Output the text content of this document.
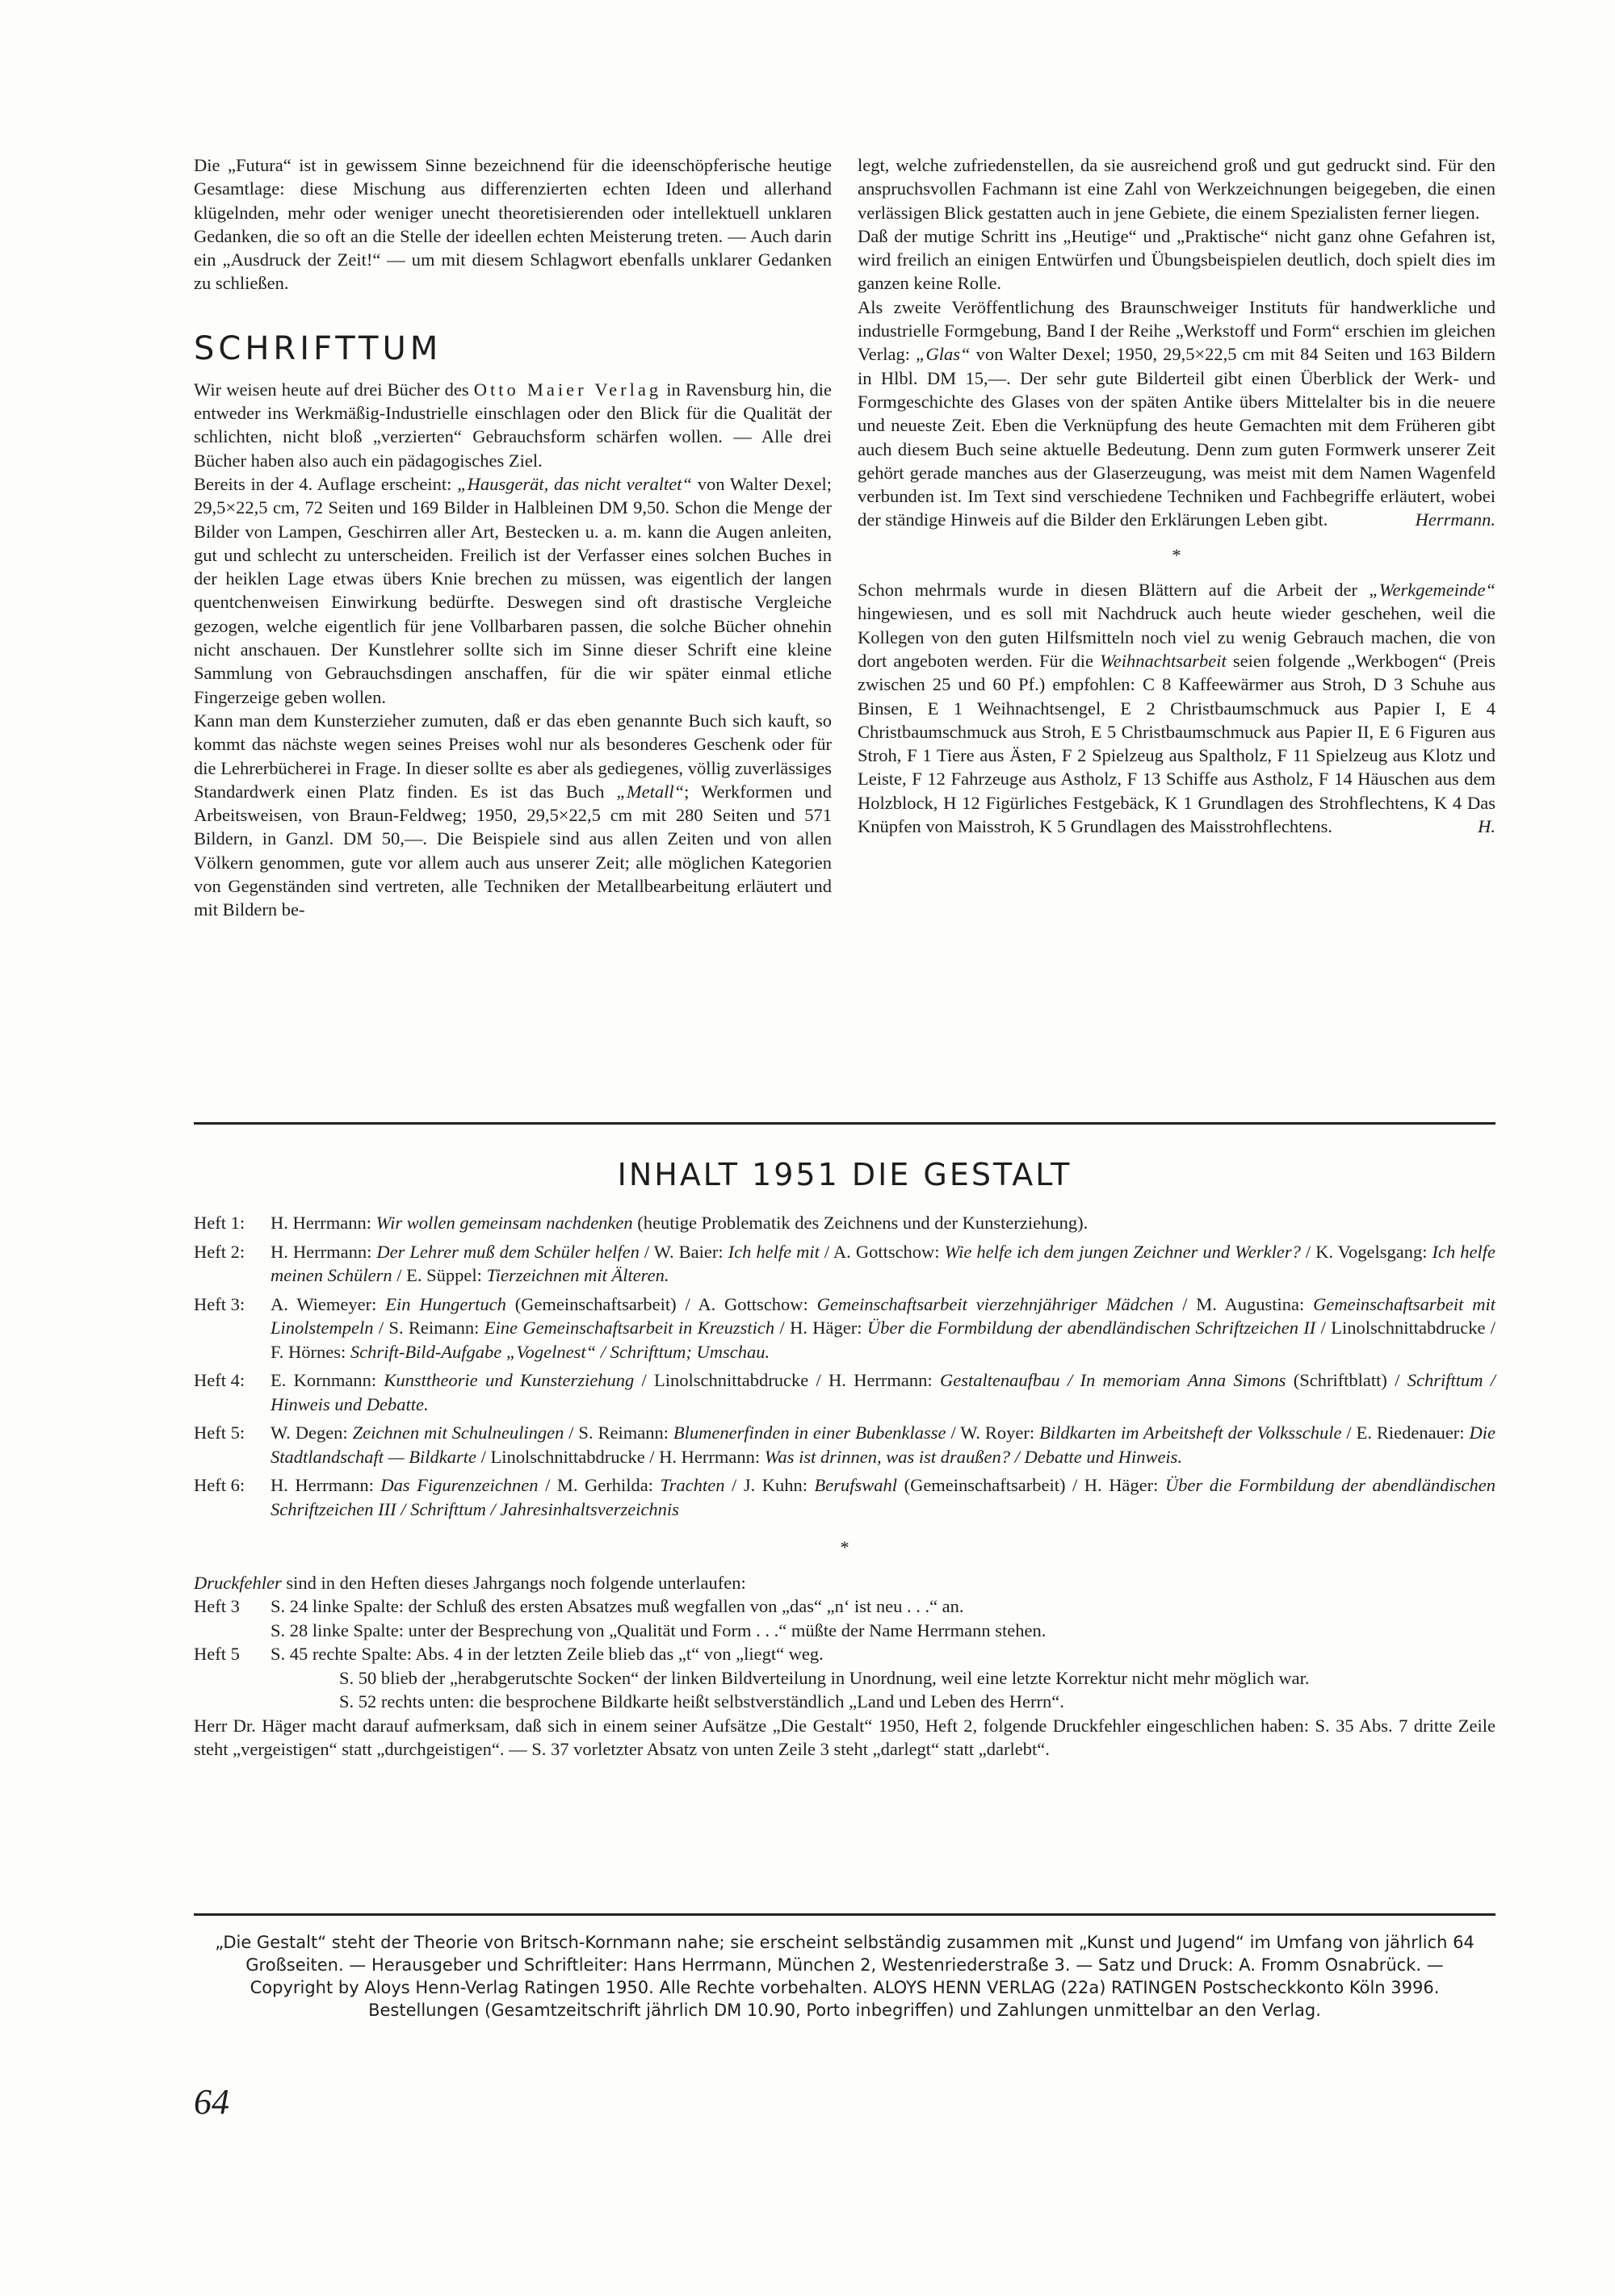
Die „Futura“ ist in gewissem Sinne bezeichnend für die ideenschöpferische heutige Gesamtlage: diese Mischung aus differenzierten echten Ideen und allerhand klügelnden, mehr oder weniger unecht theoretisierenden oder intellektuell unklaren Gedanken, die so oft an die Stelle der ideellen echten Meisterung treten. — Auch darin ein „Ausdruck der Zeit!“ — um mit diesem Schlagwort ebenfalls unklarer Gedanken zu schließen.

SCHRIFTTUM

Wir weisen heute auf drei Bücher des Otto Maier Verlag in Ravensburg hin, die entweder ins Werkmäßig-Industrielle einschlagen oder den Blick für die Qualität der schlichten, nicht bloß „verzierten“ Gebrauchsform schärfen wollen. — Alle drei Bücher haben also auch ein pädagogisches Ziel.

Bereits in der 4. Auflage erscheint: „Hausgerät, das nicht veraltet“ von Walter Dexel; 29,5×22,5 cm, 72 Seiten und 169 Bilder in Halbleinen DM 9,50. Schon die Menge der Bilder von Lampen, Geschirren aller Art, Bestecken u. a. m. kann die Augen anleiten, gut und schlecht zu unterscheiden. Freilich ist der Verfasser eines solchen Buches in der heiklen Lage etwas übers Knie brechen zu müssen, was eigentlich der langen quentchenweisen Einwirkung bedürfte. Deswegen sind oft drastische Vergleiche gezogen, welche eigentlich für jene Vollbarbaren passen, die solche Bücher ohnehin nicht anschauen. Der Kunstlehrer sollte sich im Sinne dieser Schrift eine kleine Sammlung von Gebrauchsdingen anschaffen, für die wir später einmal etliche Fingerzeige geben wollen.

Kann man dem Kunsterzieher zumuten, daß er das eben genannte Buch sich kauft, so kommt das nächste wegen seines Preises wohl nur als besonderes Geschenk oder für die Lehrerbücherei in Frage. In dieser sollte es aber als gediegenes, völlig zuverlässiges Standardwerk einen Platz finden. Es ist das Buch „Metall“; Werkformen und Arbeitsweisen, von Braun-Feldweg; 1950, 29,5×22,5 cm mit 280 Seiten und 571 Bildern, in Ganzl. DM 50,—. Die Beispiele sind aus allen Zeiten und von allen Völkern genommen, gute vor allem auch aus unserer Zeit; alle möglichen Kategorien von Gegenständen sind vertreten, alle Techniken der Metallbearbeitung erläutert und mit Bildern be-

legt, welche zufriedenstellen, da sie ausreichend groß und gut gedruckt sind. Für den anspruchsvollen Fachmann ist eine Zahl von Werkzeichnungen beigegeben, die einen verlässigen Blick gestatten auch in jene Gebiete, die einem Spezialisten ferner liegen.

Daß der mutige Schritt ins „Heutige“ und „Praktische“ nicht ganz ohne Gefahren ist, wird freilich an einigen Entwürfen und Übungsbeispielen deutlich, doch spielt dies im ganzen keine Rolle.

Als zweite Veröffentlichung des Braunschweiger Instituts für handwerkliche und industrielle Formgebung, Band I der Reihe „Werkstoff und Form“ erschien im gleichen Verlag: „Glas“ von Walter Dexel; 1950, 29,5×22,5 cm mit 84 Seiten und 163 Bildern in Hlbl. DM 15,—. Der sehr gute Bilderteil gibt einen Überblick der Werk- und Formgeschichte des Glases von der späten Antike übers Mittelalter bis in die neuere und neueste Zeit. Eben die Verknüpfung des heute Gemachten mit dem Früheren gibt auch diesem Buch seine aktuelle Bedeutung. Denn zum guten Formwerk unserer Zeit gehört gerade manches aus der Glaserzeugung, was meist mit dem Namen Wagenfeld verbunden ist. Im Text sind verschiedene Techniken und Fachbegriffe erläutert, wobei der ständige Hinweis auf die Bilder den Erklärungen Leben gibt.	Herrmann.

*

Schon mehrmals wurde in diesen Blättern auf die Arbeit der „Werkgemeinde“ hingewiesen, und es soll mit Nachdruck auch heute wieder geschehen, weil die Kollegen von den guten Hilfsmitteln noch viel zu wenig Gebrauch machen, die von dort angeboten werden. Für die Weihnachtsarbeit seien folgende „Werkbogen“ (Preis zwischen 25 und 60 Pf.) empfohlen: C 8 Kaffeewärmer aus Stroh, D 3 Schuhe aus Binsen, E 1 Weihnachtsengel, E 2 Christbaumschmuck aus Papier I, E 4 Christbaumschmuck aus Stroh, E 5 Christbaumschmuck aus Papier II, E 6 Figuren aus Stroh, F 1 Tiere aus Ästen, F 2 Spielzeug aus Spaltholz, F 11 Spielzeug aus Klotz und Leiste, F 12 Fahrzeuge aus Astholz, F 13 Schiffe aus Astholz, F 14 Häuschen aus dem Holzblock, H 12 Figürliches Festgebäck, K 1 Grundlagen des Strohflechtens, K 4 Das Knüpfen von Maisstroh, K 5 Grundlagen des Maisstrohflechtens.	H.

INHALT 1951 DIE GESTALT
Heft 1:	H. Herrmann: Wir wollen gemeinsam nachdenken (heutige Problematik des Zeichnens und der Kunsterziehung).
Heft 2:	H. Herrmann: Der Lehrer muß dem Schüler helfen / W. Baier: Ich helfe mit / A. Gottschow: Wie helfe ich dem jungen Zeichner und Werkler? / K. Vogelsgang: Ich helfe meinen Schülern / E. Süppel: Tierzeichnen mit Älteren.
Heft 3:	A. Wiemeyer: Ein Hungertuch (Gemeinschaftsarbeit) / A. Gottschow: Gemeinschaftsarbeit vierzehnjähriger Mädchen / M. Augustina: Gemeinschaftsarbeit mit Linolstempeln / S. Reimann: Eine Gemeinschaftsarbeit in Kreuzstich / H. Häger: Über die Formbildung der abendländischen Schriftzeichen II / Linolschnittabdrucke / F. Hörnes: Schrift-Bild-Aufgabe „Vogelnest“ / Schrifttum; Umschau.
Heft 4:	E. Kornmann: Kunsttheorie und Kunsterziehung / Linolschnittabdrucke / H. Herrmann: Gestaltenaufbau / In memoriam Anna Simons (Schriftblatt) / Schrifttum / Hinweis und Debatte.
Heft 5:	W. Degen: Zeichnen mit Schulneulingen / S. Reimann: Blumenerfinden in einer Bubenklasse / W. Royer: Bildkarten im Arbeitsheft der Volksschule / E. Riedenauer: Die Stadtlandschaft — Bildkarte / Linolschnittabdrucke / H. Herrmann: Was ist drinnen, was ist draußen? / Debatte und Hinweis.
Heft 6:	H. Herrmann: Das Figurenzeichnen / M. Gerhilda: Trachten / J. Kuhn: Berufswahl (Gemeinschaftsarbeit) / H. Häger: Über die Formbildung der abendländischen Schriftzeichen III / Schrifttum / Jahresinhaltsverzeichnis
*
Druckfehler sind in den Heften dieses Jahrgangs noch folgende unterlaufen:
Heft 3	S. 24 linke Spalte: der Schluß des ersten Absatzes muß wegfallen von „das“ „n‘ ist neu . . .“ an.
S. 28 linke Spalte: unter der Besprechung von „Qualität und Form . . .“ müßte der Name Herrmann stehen.
Heft 5	S. 45 rechte Spalte: Abs. 4 in der letzten Zeile blieb das „t“ von „liegt“ weg.
S. 50 blieb der „herabgerutschte Socken“ der linken Bildverteilung in Unordnung, weil eine letzte Korrektur nicht mehr möglich war.
S. 52 rechts unten: die besprochene Bildkarte heißt selbstverständlich „Land und Leben des Herrn“.
Herr Dr. Häger macht darauf aufmerksam, daß sich in einem seiner Aufsätze „Die Gestalt“ 1950, Heft 2, folgende Druckfehler eingeschlichen haben: S. 35 Abs. 7 dritte Zeile steht „vergeistigen“ statt „durchgeistigen“. — S. 37 vorletzter Absatz von unten Zeile 3 steht „darlegt“ statt „darlebt“.
„Die Gestalt“ steht der Theorie von Britsch-Kornmann nahe; sie erscheint selbständig zusammen mit „Kunst und Jugend“ im Umfang von jährlich 64 Großseiten. — Herausgeber und Schriftleiter: Hans Herrmann, München 2, Westenriederstraße 3. — Satz und Druck: A. Fromm Osnabrück. — Copyright by Aloys Henn-Verlag Ratingen 1950. Alle Rechte vorbehalten. ALOYS HENN VERLAG (22a) RATINGEN Postscheckkonto Köln 3996. Bestellungen (Gesamtzeitschrift jährlich DM 10.90, Porto inbegriffen) und Zahlungen unmittelbar an den Verlag.
64
